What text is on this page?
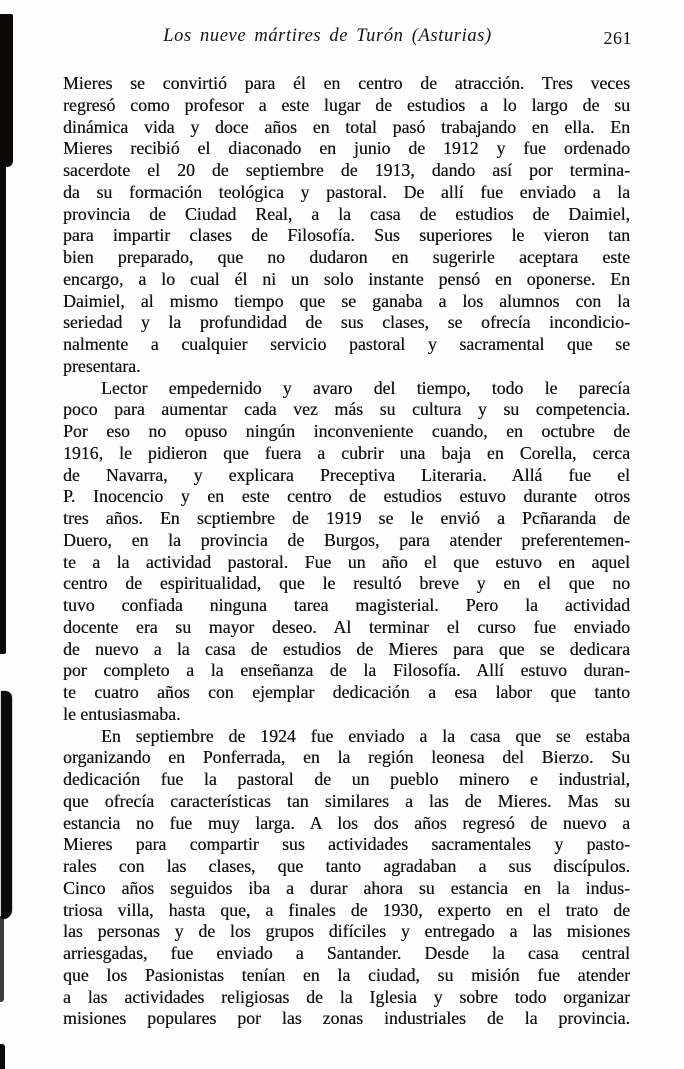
Los nueve mártires de Turón (Asturias)	261
Mieres se convirtió para él en centro de atracción. Tres veces
regresó como profesor a este lugar de estudios a lo largo de su
dinámica vida y doce años en total pasó trabajando en ella. En
Mieres recibió el diaconado en junio de 1912 y fue ordenado
sacerdote el 20 de septiembre de 1913, dando así por termina-
da su formación teológica y pastoral. De allí fue enviado a la
provincia de Ciudad Real, a la casa de estudios de Daimiel,
para impartir clases de Filosofía. Sus superiores le vieron tan
bien preparado, que no dudaron en sugerirle aceptara este
encargo, a lo cual él ni un solo instante pensó en oponerse. En
Daimiel, al mismo tiempo que se ganaba a los alumnos con la
seriedad y la profundidad de sus clases, se ofrecía incondicio-
nalmente a cualquier servicio pastoral y sacramental que se
presentara.
Lector empedernido y avaro del tiempo, todo le parecía
poco para aumentar cada vez más su cultura y su competencia.
Por eso no opuso ningún inconveniente cuando, en octubre de
1916, le pidieron que fuera a cubrir una baja en Corella, cerca
de Navarra, y explicara Preceptiva Literaria. Allá fue el
P. Inocencio y en este centro de estudios estuvo durante otros
tres años. En scptiembre de 1919 se le envió a Pcñaranda de
Duero, en la provincia de Burgos, para atender preferentemen-
te a la actividad pastoral. Fue un año el que estuvo en aquel
centro de espiritualidad, que le resultó breve y en el que no
tuvo confiada ninguna tarea magisterial. Pero la actividad
docente era su mayor deseo. Al terminar el curso fue enviado
de nuevo a la casa de estudios de Mieres para que se dedicara
por completo a la enseñanza de la Filosofía. Allí estuvo duran-
te cuatro años con ejemplar dedicación a esa labor que tanto
le entusiasmaba.
En septiembre de 1924 fue enviado a la casa que se estaba
organizando en Ponferrada, en la región leonesa del Bierzo. Su
dedicación fue la pastoral de un pueblo minero e industrial,
que ofrecía características tan similares a las de Mieres. Mas su
estancia no fue muy larga. A los dos años regresó de nuevo a
Mieres para compartir sus actividades sacramentales y pasto-
rales con las clases, que tanto agradaban a sus discípulos.
Cinco años seguidos iba a durar ahora su estancia en la indus-
triosa villa, hasta que, a finales de 1930, experto en el trato de
las personas y de los grupos difíciles y entregado a las misiones
arriesgadas, fue enviado a Santander. Desde la casa central
que los Pasionistas tenían en la ciudad, su misión fue atender
a las actividades religiosas de la Iglesia y sobre todo organizar
misiones populares por las zonas industriales de la provincia.
